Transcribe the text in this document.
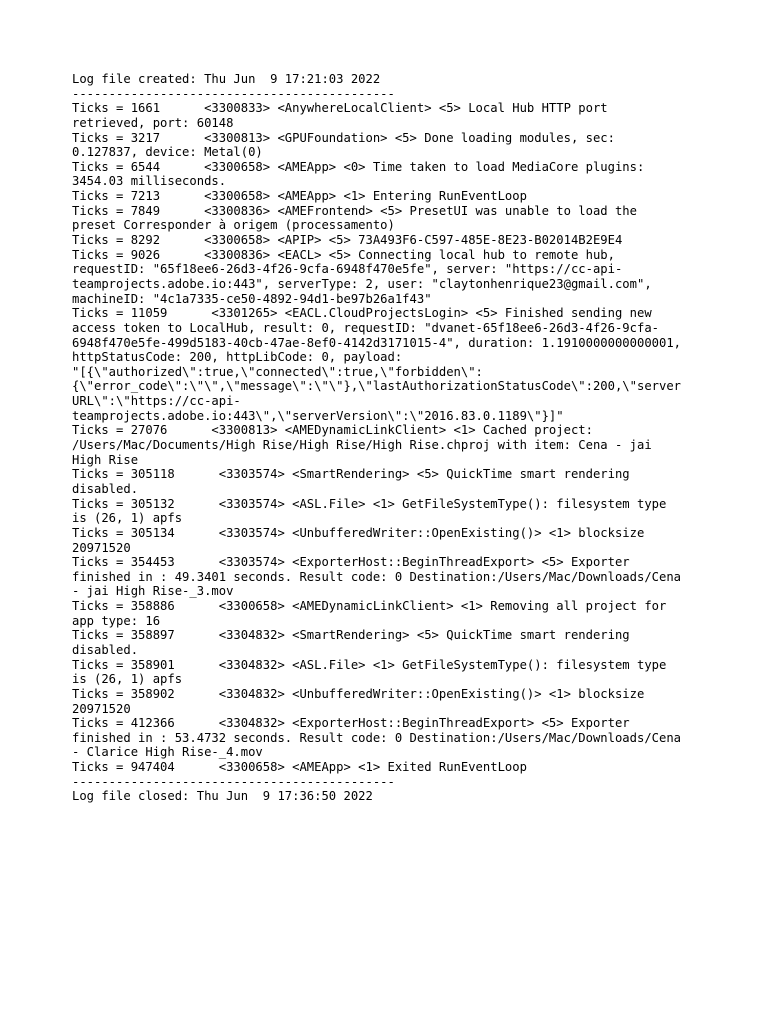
Log file created: Thu Jun  9 17:21:03 2022
--------------------------------------------
Ticks = 1661      <3300833> <AnywhereLocalClient> <5> Local Hub HTTP port
retrieved, port: 60148
Ticks = 3217      <3300813> <GPUFoundation> <5> Done loading modules, sec:
0.127837, device: Metal(0)
Ticks = 6544      <3300658> <AMEApp> <0> Time taken to load MediaCore plugins:
3454.03 milliseconds.
Ticks = 7213      <3300658> <AMEApp> <1> Entering RunEventLoop
Ticks = 7849      <3300836> <AMEFrontend> <5> PresetUI was unable to load the
preset Corresponder à origem (processamento)
Ticks = 8292      <3300658> <APIP> <5> 73A493F6-C597-485E-8E23-B02014B2E9E4
Ticks = 9026      <3300836> <EACL> <5> Connecting local hub to remote hub,
requestID: "65f18ee6-26d3-4f26-9cfa-6948f470e5fe", server: "https://cc-api-
teamprojects.adobe.io:443", serverType: 2, user: "claytonhenrique23@gmail.com",
machineID: "4c1a7335-ce50-4892-94d1-be97b26a1f43"
Ticks = 11059      <3301265> <EACL.CloudProjectsLogin> <5> Finished sending new
access token to LocalHub, result: 0, requestID: "dvanet-65f18ee6-26d3-4f26-9cfa-
6948f470e5fe-499d5183-40cb-47ae-8ef0-4142d3171015-4", duration: 1.1910000000000001,
httpStatusCode: 200, httpLibCode: 0, payload:
"[{\"authorized\":true,\"connected\":true,\"forbidden\":
{\"error_code\":\"\",\"message\":\"\"},\"lastAuthorizationStatusCode\":200,\"server
URL\":\"https://cc-api-
teamprojects.adobe.io:443\",\"serverVersion\":\"2016.83.0.1189\"}]"
Ticks = 27076      <3300813> <AMEDynamicLinkClient> <1> Cached project:
/Users/Mac/Documents/High Rise/High Rise/High Rise.chproj with item: Cena - jai
High Rise
Ticks = 305118      <3303574> <SmartRendering> <5> QuickTime smart rendering
disabled.
Ticks = 305132      <3303574> <ASL.File> <1> GetFileSystemType(): filesystem type
is (26, 1) apfs
Ticks = 305134      <3303574> <UnbufferedWriter::OpenExisting()> <1> blocksize
20971520
Ticks = 354453      <3303574> <ExporterHost::BeginThreadExport> <5> Exporter
finished in : 49.3401 seconds. Result code: 0 Destination:/Users/Mac/Downloads/Cena
- jai High Rise-_3.mov
Ticks = 358886      <3300658> <AMEDynamicLinkClient> <1> Removing all project for
app type: 16
Ticks = 358897      <3304832> <SmartRendering> <5> QuickTime smart rendering
disabled.
Ticks = 358901      <3304832> <ASL.File> <1> GetFileSystemType(): filesystem type
is (26, 1) apfs
Ticks = 358902      <3304832> <UnbufferedWriter::OpenExisting()> <1> blocksize
20971520
Ticks = 412366      <3304832> <ExporterHost::BeginThreadExport> <5> Exporter
finished in : 53.4732 seconds. Result code: 0 Destination:/Users/Mac/Downloads/Cena
- Clarice High Rise-_4.mov
Ticks = 947404      <3300658> <AMEApp> <1> Exited RunEventLoop
--------------------------------------------
Log file closed: Thu Jun  9 17:36:50 2022
